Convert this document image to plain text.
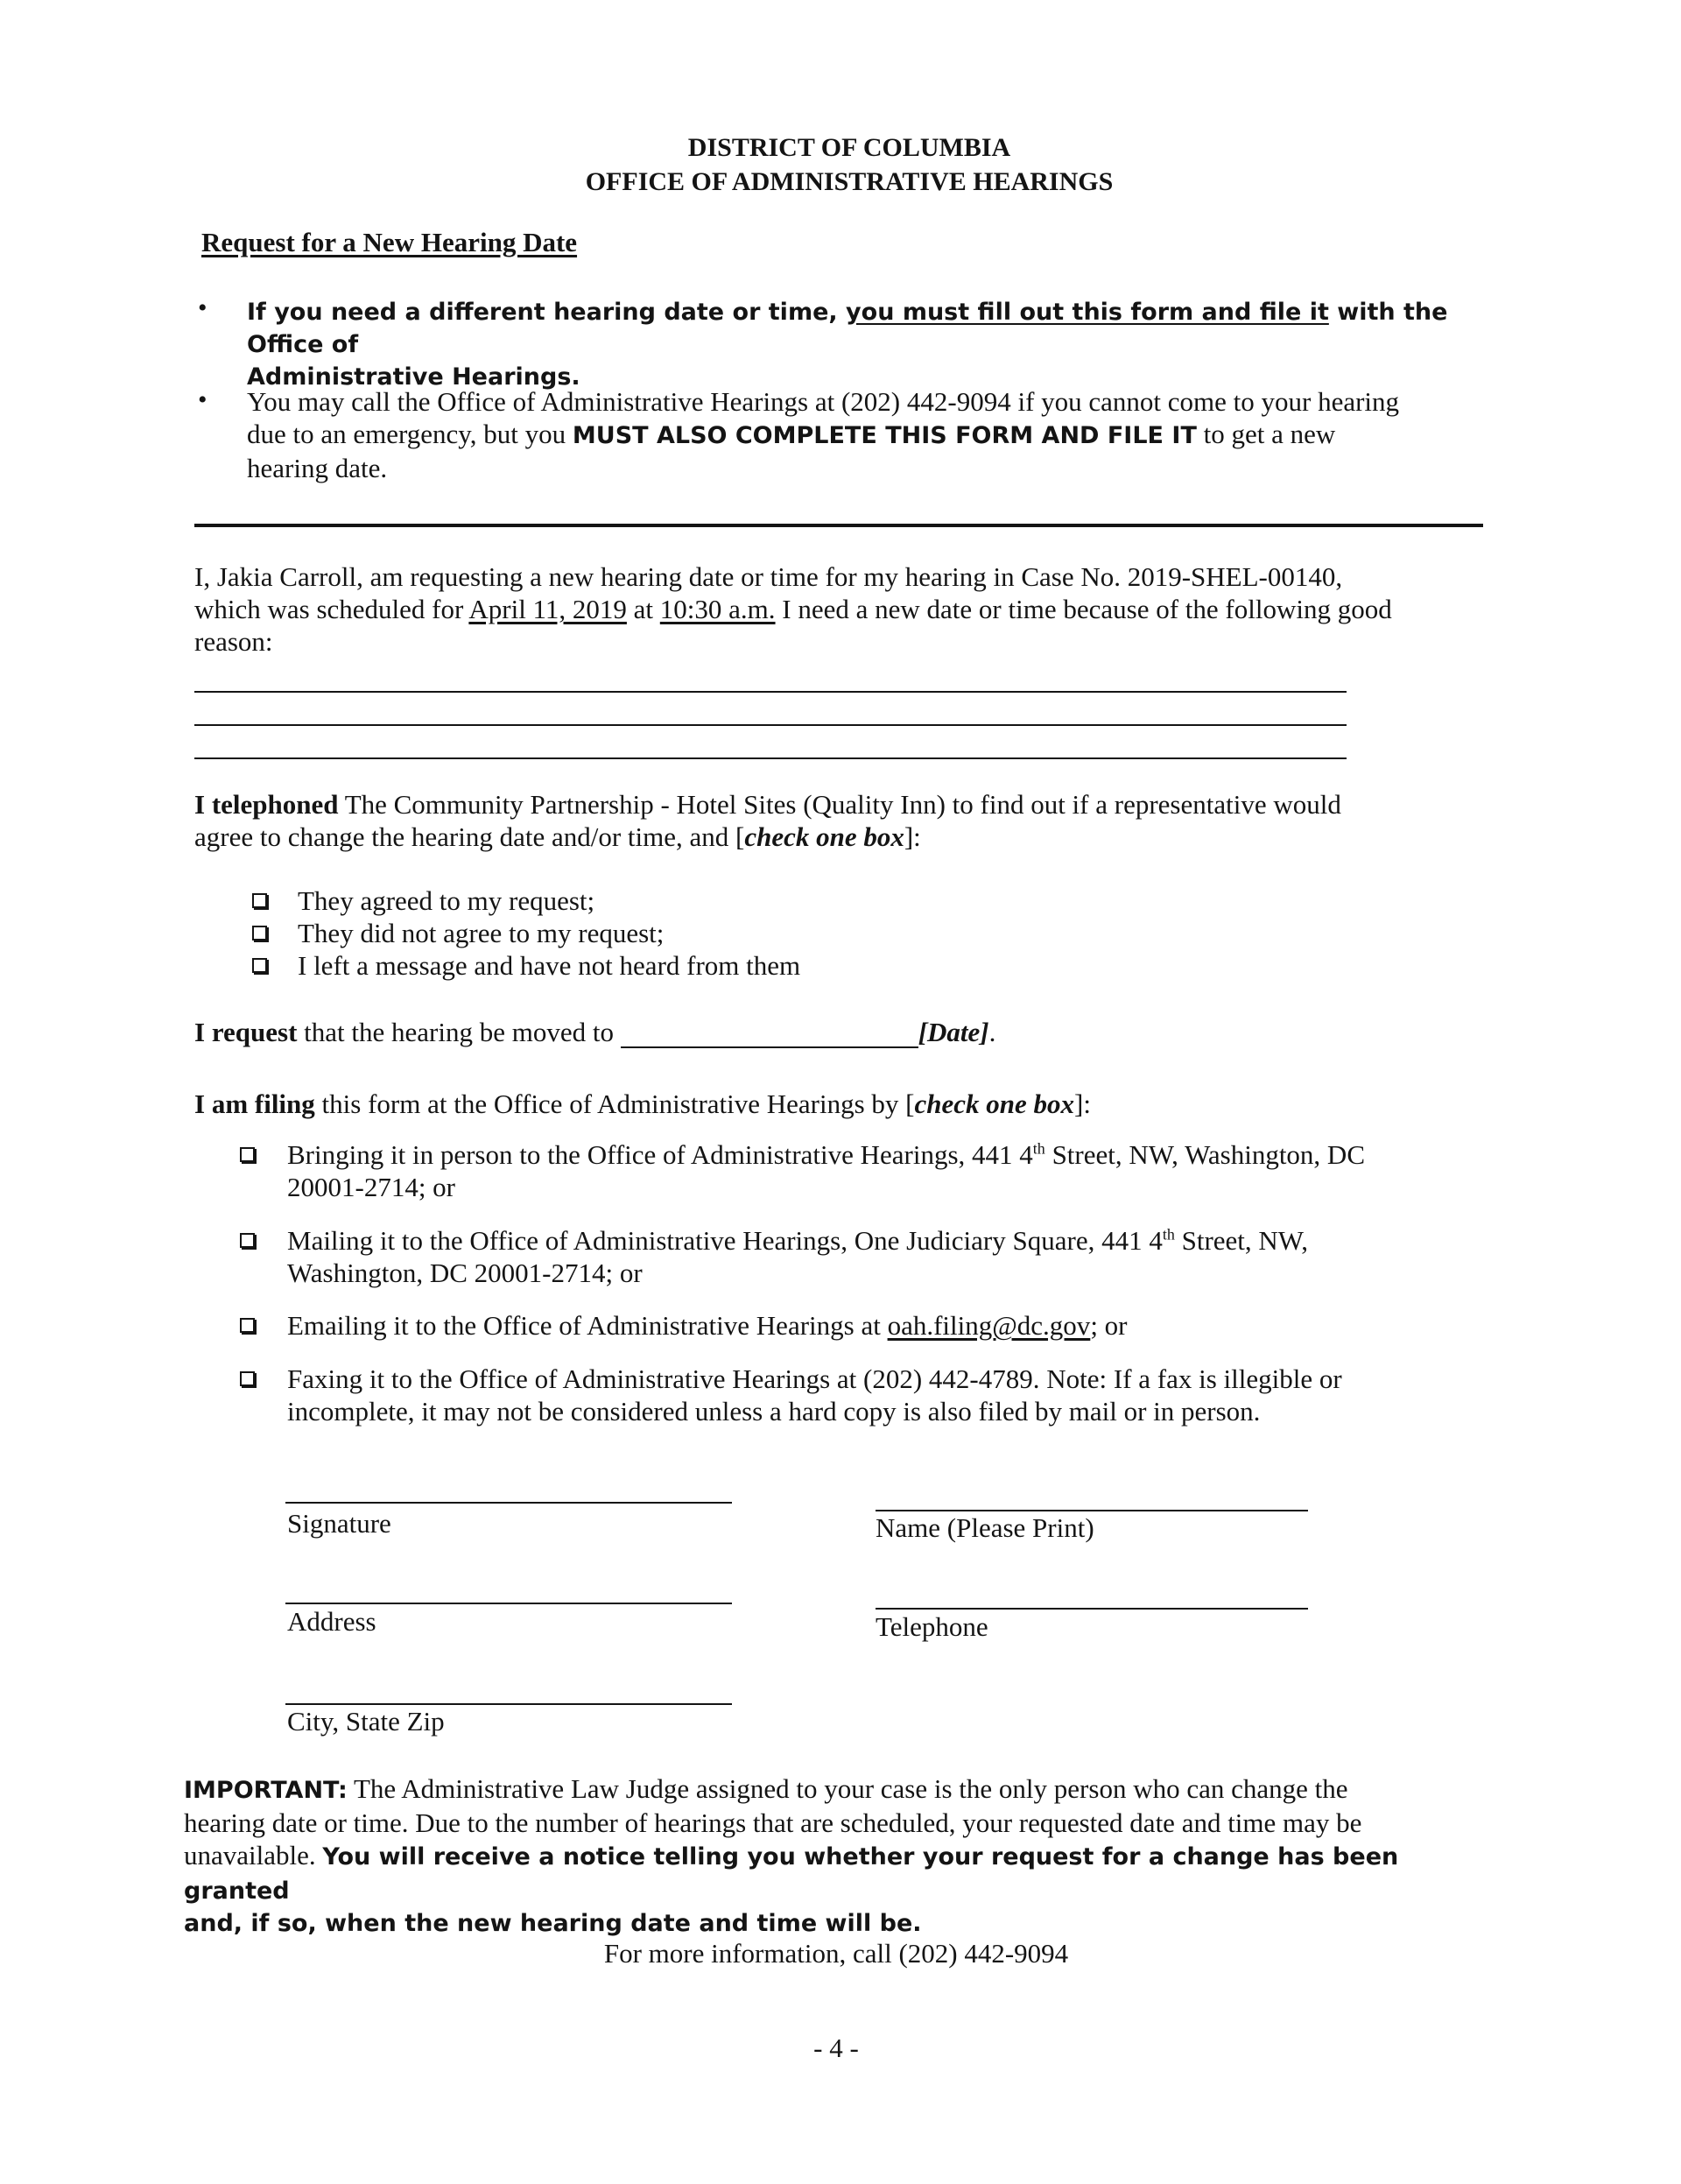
DISTRICT OF COLUMBIA
OFFICE OF ADMINISTRATIVE HEARINGS
Request for a New Hearing Date
• If you need a different hearing date or time, you must fill out this form and file it with the Office of
Administrative Hearings.
• You may call the Office of Administrative Hearings at (202) 442-9094 if you cannot come to your hearing
due to an emergency, but you MUST ALSO COMPLETE THIS FORM AND FILE IT to get a new
hearing date.
I, Jakia Carroll, am requesting a new hearing date or time for my hearing in Case No. 2019-SHEL-00140,
which was scheduled for April 11, 2019 at 10:30 a.m. I need a new date or time because of the following good
reason:
I telephoned The Community Partnership - Hotel Sites (Quality Inn) to find out if a representative would
agree to change the hearing date and/or time, and [check one box]:
They agreed to my request;
They did not agree to my request;
I left a message and have not heard from them
I request that the hearing be moved to	[Date].
I am filing this form at the Office of Administrative Hearings by [check one box]:
Bringing it in person to the Office of Administrative Hearings, 441 4th Street, NW, Washington, DC
20001-2714; or
Mailing it to the Office of Administrative Hearings, One Judiciary Square, 441 4th Street, NW,
Washington, DC 20001-2714; or
Emailing it to the Office of Administrative Hearings at oah.filing@dc.gov; or
Faxing it to the Office of Administrative Hearings at (202) 442-4789. Note: If a fax is illegible or
incomplete, it may not be considered unless a hard copy is also filed by mail or in person.
Signature	Name (Please Print)
Address	Telephone
City, State Zip
IMPORTANT: The Administrative Law Judge assigned to your case is the only person who can change the
hearing date or time. Due to the number of hearings that are scheduled, your requested date and time may be
unavailable. You will receive a notice telling you whether your request for a change has been granted
and, if so, when the new hearing date and time will be.
For more information, call (202) 442-9094
- 4 -
